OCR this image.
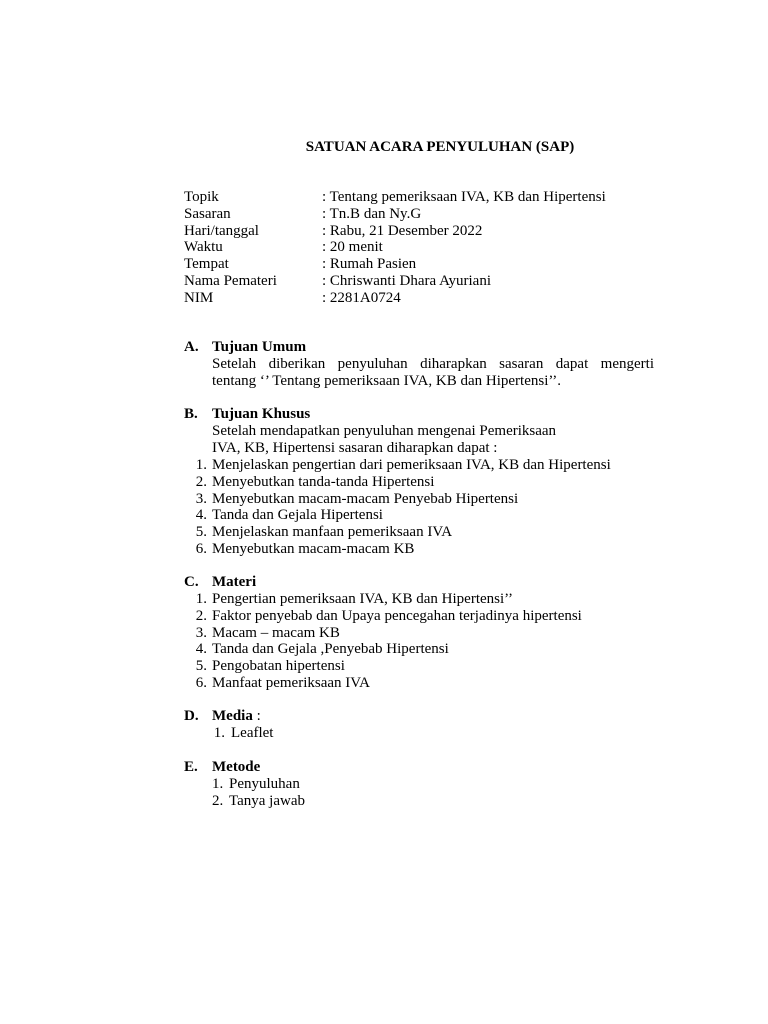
SATUAN ACARA PENYULUHAN (SAP)
Topik	: Tentang pemeriksaan IVA, KB dan Hipertensi
Sasaran	: Tn.B dan Ny.G
Hari/tanggal	: Rabu, 21 Desember 2022
Waktu	: 20 menit
Tempat	: Rumah Pasien
Nama Pemateri	: Chriswanti Dhara Ayuriani
NIM	: 2281A0724
A. Tujuan Umum
Setelah diberikan penyuluhan diharapkan sasaran dapat mengerti
tentang ‘’ Tentang pemeriksaan IVA, KB dan Hipertensi’’.
B. Tujuan Khusus
Setelah mendapatkan penyuluhan mengenai Pemeriksaan
IVA, KB, Hipertensi sasaran diharapkan dapat :
1. Menjelaskan pengertian dari pemeriksaan IVA, KB dan Hipertensi
2. Menyebutkan tanda-tanda Hipertensi
3. Menyebutkan macam-macam Penyebab Hipertensi
4. Tanda dan Gejala Hipertensi
5. Menjelaskan manfaan pemeriksaan IVA
6. Menyebutkan macam-macam KB
C. Materi
1. Pengertian pemeriksaan IVA, KB dan Hipertensi’’
2. Faktor penyebab dan Upaya pencegahan terjadinya hipertensi
3. Macam – macam KB
4. Tanda dan Gejala ,Penyebab Hipertensi
5. Pengobatan hipertensi
6. Manfaat pemeriksaan IVA
D. Media :
1. Leaflet
E. Metode
1. Penyuluhan
2. Tanya jawab
